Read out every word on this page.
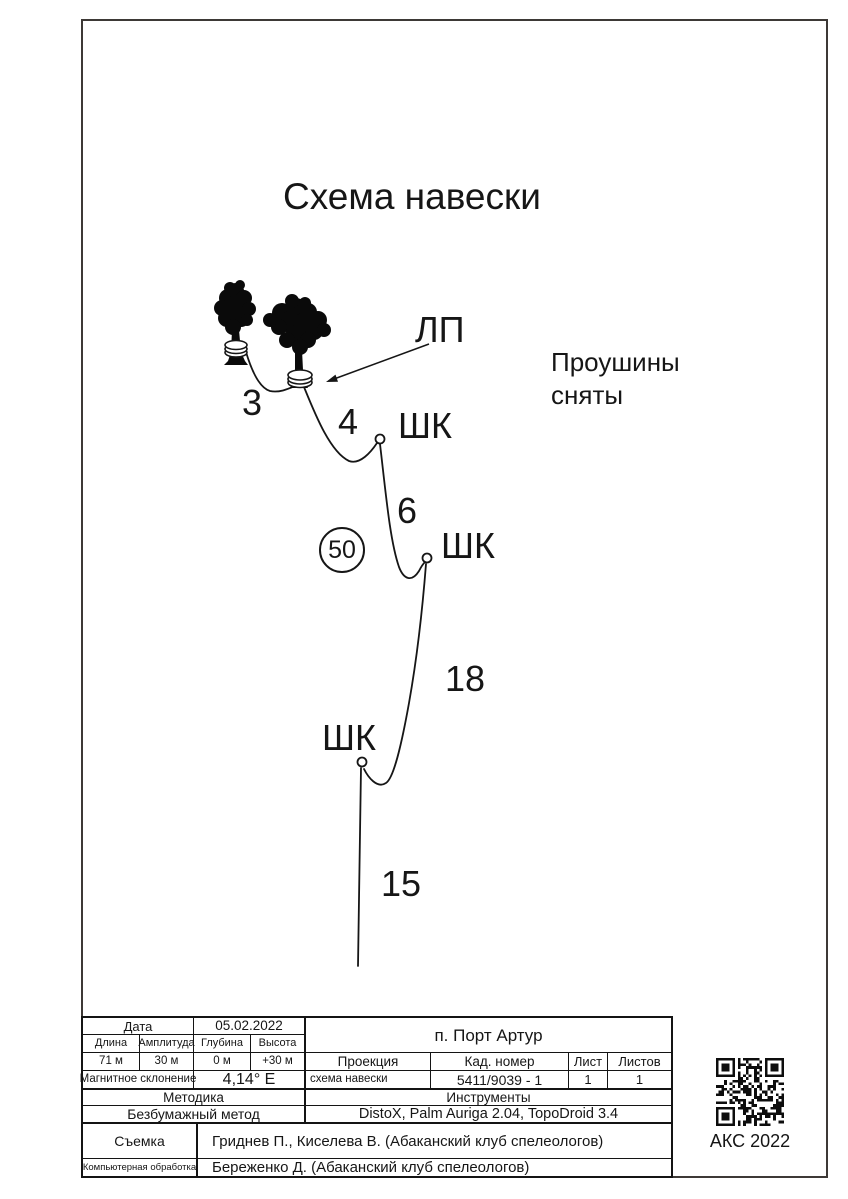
Схема навески
ЛП
Проушины
сняты
3 4 ШК
6
ШК
50
18
ШК
15
Дата	05.02.2022
Длина	Амплитуда Глубина	Высота
71 м	30 м	0 м	+30 м
Магнитное склонение	4,14° E
Методика
Безбумажный метод
п. Порт Артур
Проекция	Кад. номер	Лист	Листов
схема навески	5411/9039 - 1	1	1
Инструменты
DistoX, Palm Auriga 2.04, TopoDroid 3.4
Съемка	Гриднев П., Киселева В. (Абаканский клуб спелеологов)
Компьютерная обработка	Береженко Д. (Абаканский клуб спелеологов)
АКС 2022
